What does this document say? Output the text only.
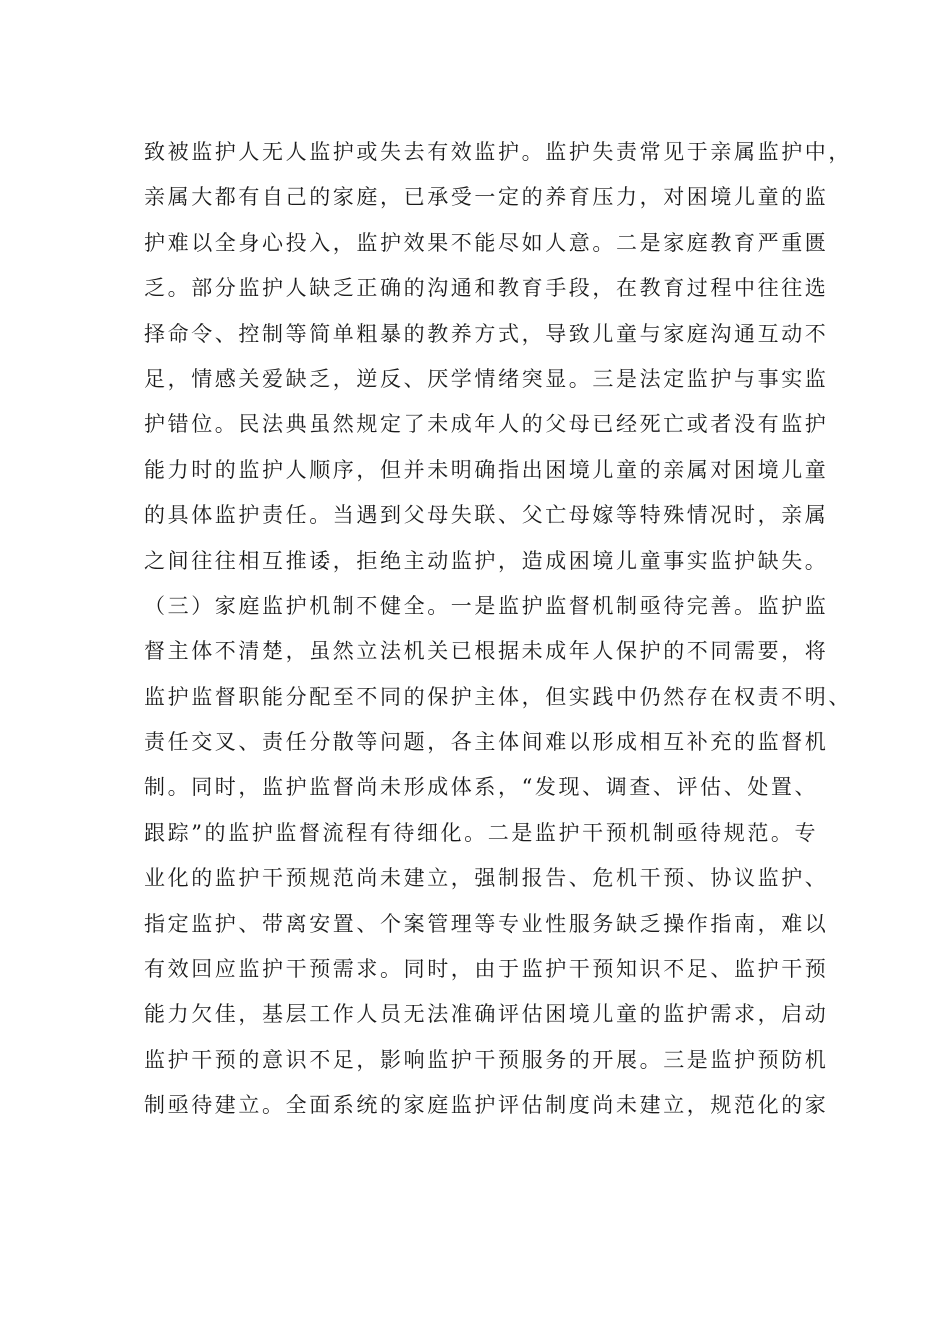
致被监护人无人监护或失去有效监护。监护失责常见于亲属监护中，
亲属大都有自己的家庭，已承受一定的养育压力，对困境儿童的监
护难以全身心投入，监护效果不能尽如人意。二是家庭教育严重匮
乏。部分监护人缺乏正确的沟通和教育手段，在教育过程中往往选
择命令、控制等简单粗暴的教养方式，导致儿童与家庭沟通互动不
足，情感关爱缺乏，逆反、厌学情绪突显。三是法定监护与事实监
护错位。民法典虽然规定了未成年人的父母已经死亡或者没有监护
能力时的监护人顺序，但并未明确指出困境儿童的亲属对困境儿童
的具体监护责任。当遇到父母失联、父亡母嫁等特殊情况时，亲属
之间往往相互推诿，拒绝主动监护，造成困境儿童事实监护缺失。
（三）家庭监护机制不健全。一是监护监督机制亟待完善。监护监
督主体不清楚，虽然立法机关已根据未成年人保护的不同需要，将
监护监督职能分配至不同的保护主体，但实践中仍然存在权责不明、
责任交叉、责任分散等问题，各主体间难以形成相互补充的监督机
制。同时，监护监督尚未形成体系，“发现、调查、评估、处置、
跟踪”的监护监督流程有待细化。二是监护干预机制亟待规范。专
业化的监护干预规范尚未建立，强制报告、危机干预、协议监护、
指定监护、带离安置、个案管理等专业性服务缺乏操作指南，难以
有效回应监护干预需求。同时，由于监护干预知识不足、监护干预
能力欠佳，基层工作人员无法准确评估困境儿童的监护需求，启动
监护干预的意识不足，影响监护干预服务的开展。三是监护预防机
制亟待建立。全面系统的家庭监护评估制度尚未建立，规范化的家
